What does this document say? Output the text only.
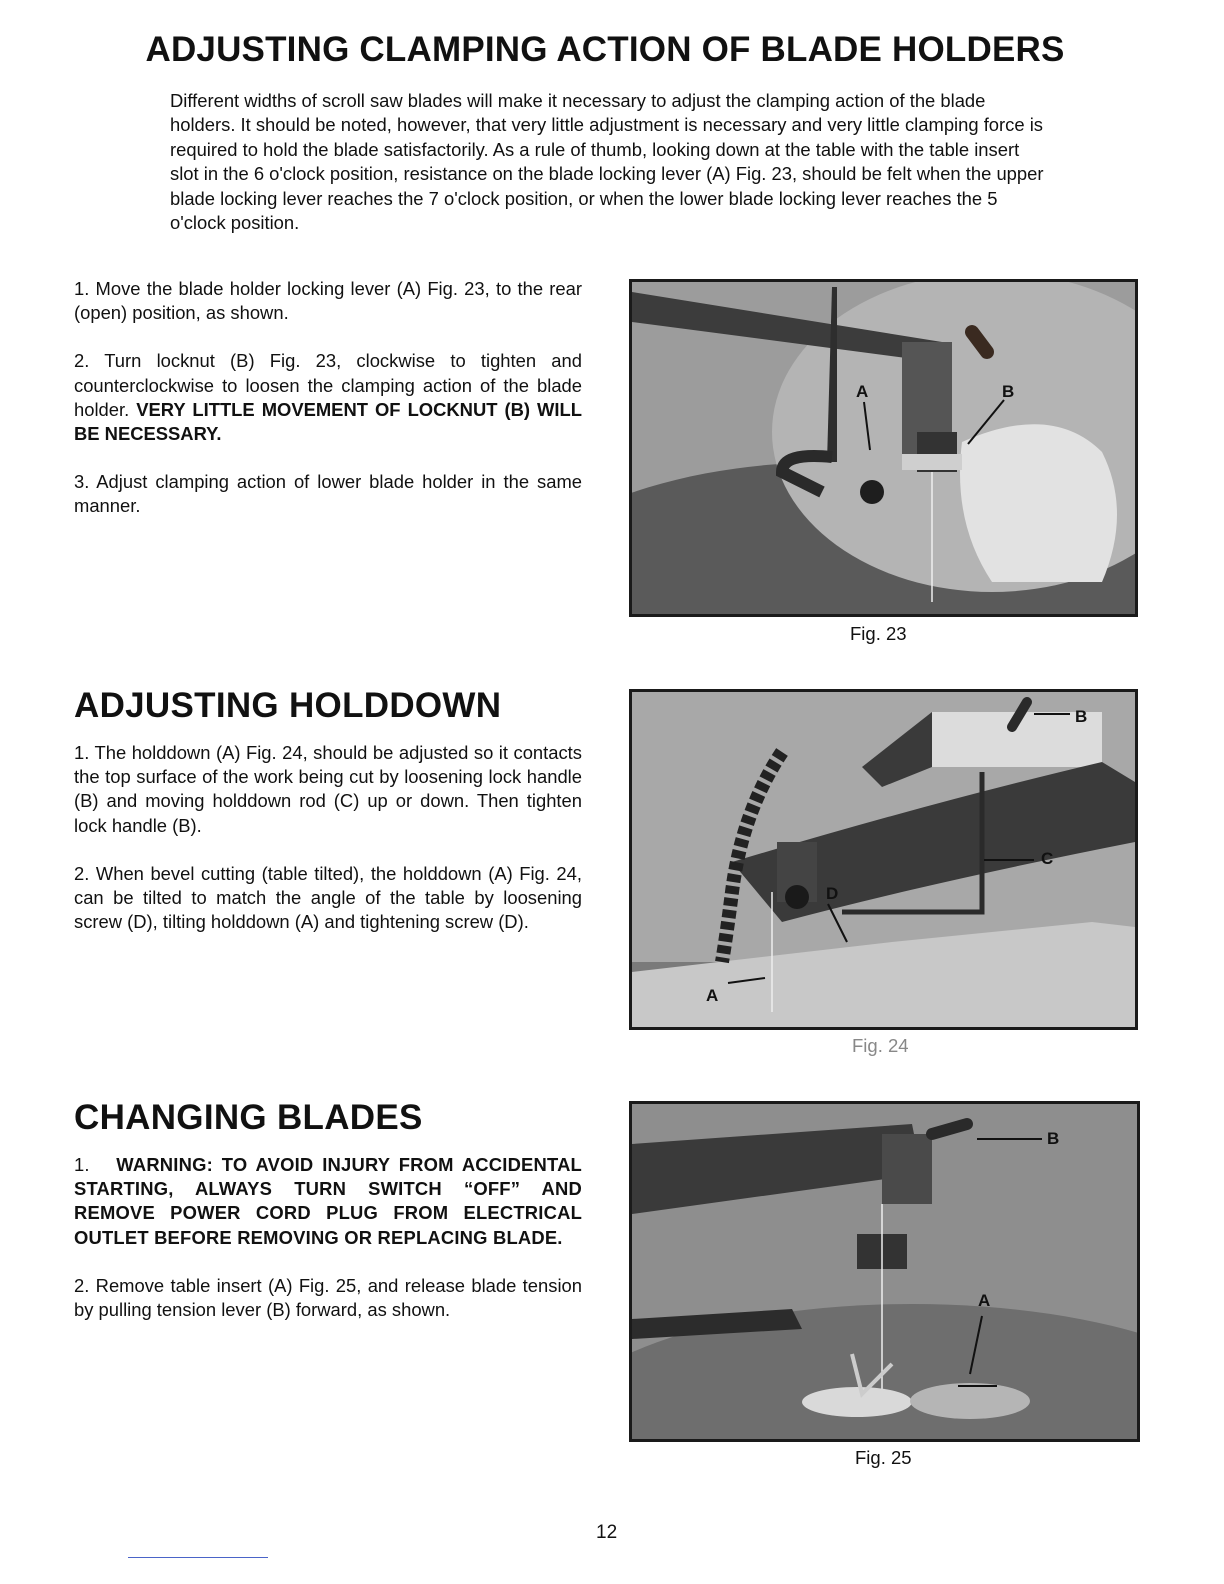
ADJUSTING CLAMPING ACTION OF BLADE HOLDERS

Different widths of scroll saw blades will make it necessary to adjust the clamping action of the blade holders. It should be noted, however, that very little adjustment is necessary and very little clamping force is required to hold the blade satisfactorily. As a rule of thumb, looking down at the table with the table insert slot in the 6 o'clock position, resistance on the blade locking lever (A) Fig. 23, should be felt when the upper blade locking lever reaches the 7 o'clock position, or when the lower blade locking lever reaches the 5 o'clock position.

1. Move the blade holder locking lever (A) Fig. 23, to the rear (open) position, as shown.

2. Turn locknut (B) Fig. 23, clockwise to tighten and counterclockwise to loosen the clamping action of the blade holder. VERY LITTLE MOVEMENT OF LOCKNUT (B) WILL BE NECESSARY.

3. Adjust clamping action of lower blade holder in the same manner.

A	B
Fig. 23
ADJUSTING HOLDDOWN

1. The holddown (A) Fig. 24, should be adjusted so it contacts the top surface of the work being cut by loosening lock handle (B) and moving holddown rod (C) up or down. Then tighten lock handle (B).

2. When bevel cutting (table tilted), the holddown (A) Fig. 24, can be tilted to match the angle of the table by loosening screw (D), tilting holddown (A) and tightening screw (D).

D
A
B
C
Fig. 24
CHANGING BLADES

1. WARNING: TO AVOID INJURY FROM ACCIDENTAL STARTING, ALWAYS TURN SWITCH “OFF” AND REMOVE POWER CORD PLUG FROM ELECTRICAL OUTLET BEFORE REMOVING OR REPLACING BLADE.

2. Remove table insert (A) Fig. 25, and release blade tension by pulling tension lever (B) forward, as shown.	A
B
Fig. 25
12
